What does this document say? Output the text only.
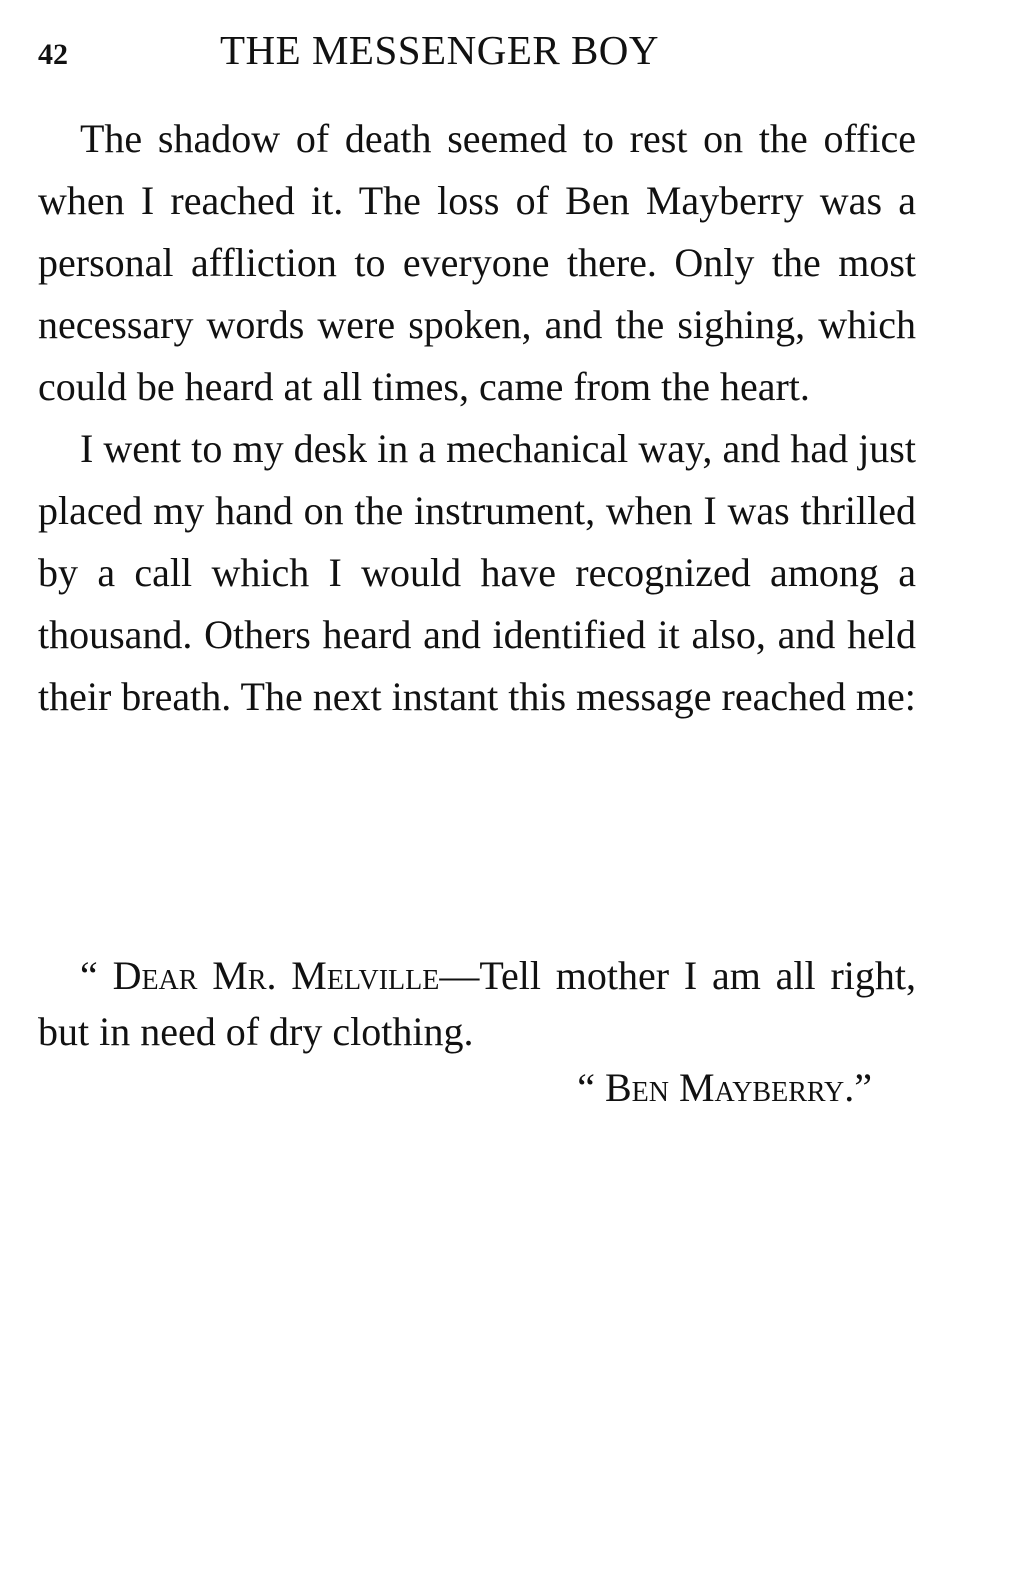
42	THE MESSENGER BOY

The shadow of death seemed to rest on the office when I reached it. The loss of Ben Mayberry was a personal affliction to everyone there. Only the most necessary words were spoken, and the sighing, which could be heard at all times, came from the heart.

I went to my desk in a mechanical way, and had just placed my hand on the instrument, when I was thrilled by a call which I would have recognized among a thousand. Others heard and identified it also, and held their breath. The next instant this message reached me:

“ Dear Mr. Melville—Tell mother I am all right, but in need of dry clothing.

“ Ben Mayberry.”
